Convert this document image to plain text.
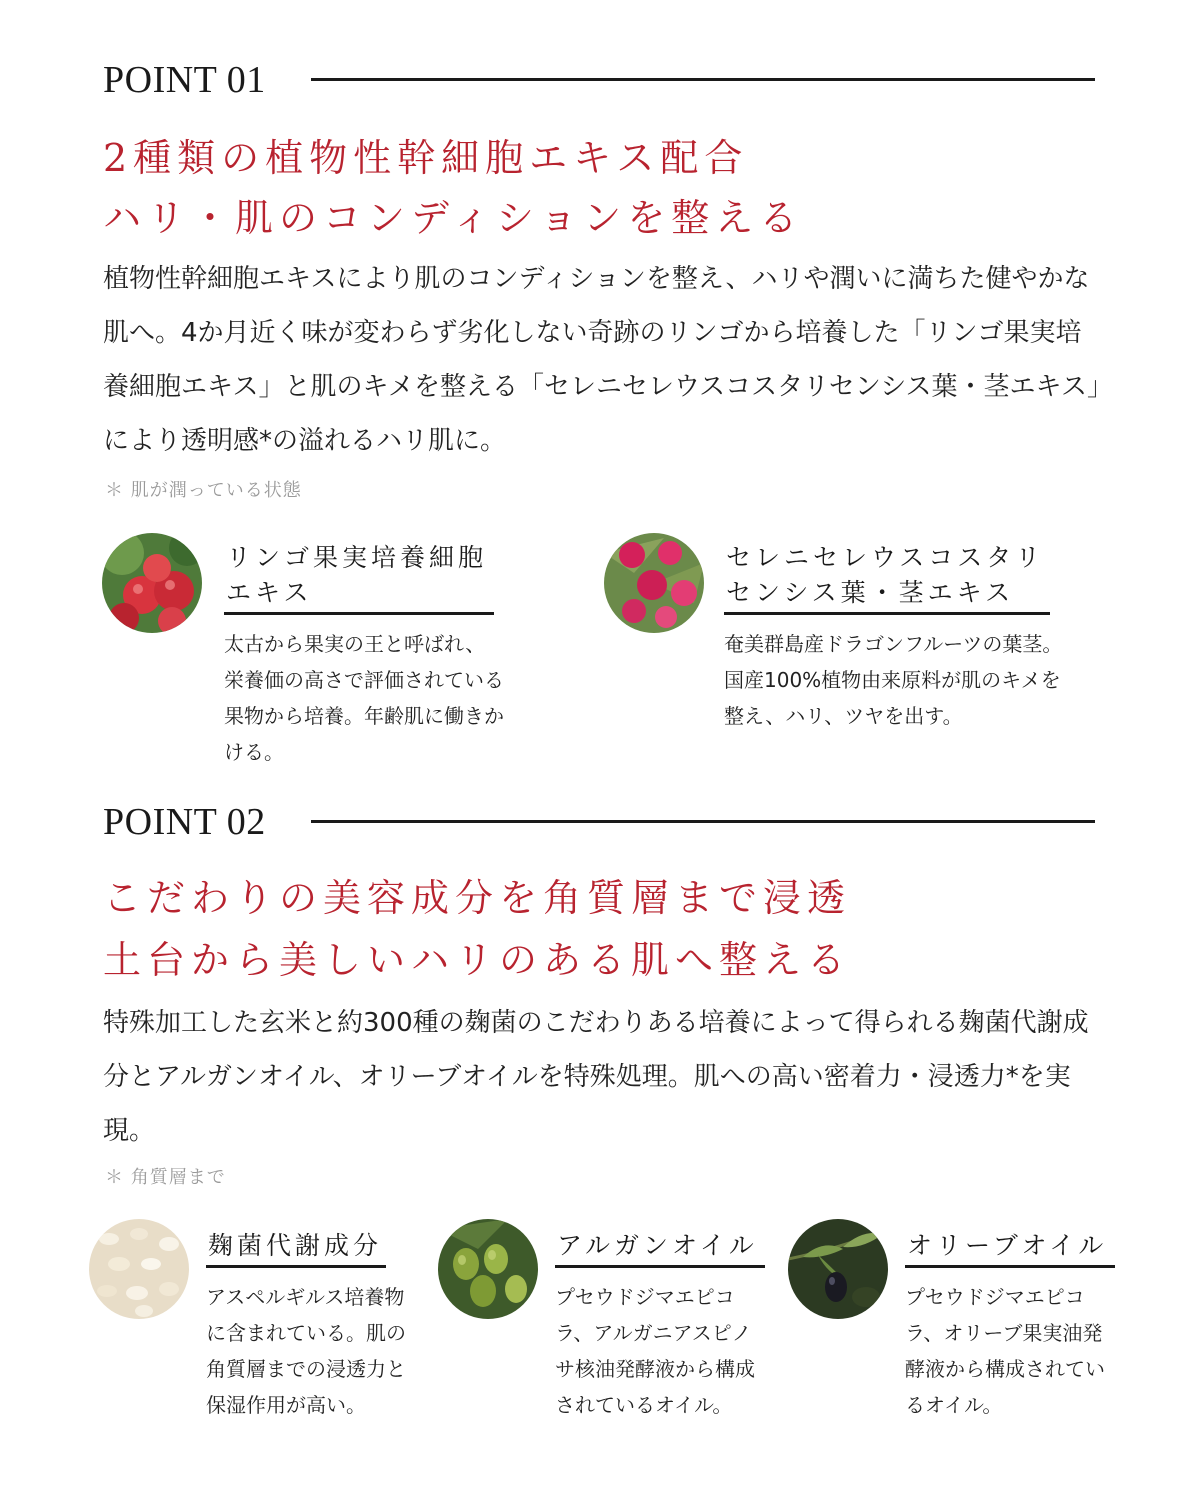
POINT 01
2種類の植物性幹細胞エキス配合
ハリ・肌のコンディションを整える
植物性幹細胞エキスにより肌のコンディションを整え、ハリや潤いに満ちた健やかな肌へ。4か月近く味が変わらず劣化しない奇跡のリンゴから培養した「リンゴ果実培養細胞エキス」と肌のキメを整える「セレニセレウスコスタリセンシス葉・茎エキス」により透明感*の溢れるハリ肌に。
＊ 肌が潤っている状態
リンゴ果実培養細胞
エキス
太古から果実の王と呼ばれ、栄養価の高さで評価されている果物から培養。年齢肌に働きかける。
セレニセレウスコスタリ
センシス葉・茎エキス
奄美群島産ドラゴンフルーツの葉茎。国産100%植物由来原料が肌のキメを整え、ハリ、ツヤを出す。
POINT 02
こだわりの美容成分を角質層まで浸透
土台から美しいハリのある肌へ整える
特殊加工した玄米と約300種の麹菌のこだわりある培養によって得られる麹菌代謝成分とアルガンオイル、オリーブオイルを特殊処理。肌への高い密着力・浸透力*を実現。
＊ 角質層まで
麹菌代謝成分
アスペルギルス培養物に含まれている。肌の角質層までの浸透力と保湿作用が高い。
アルガンオイル
プセウドジマエピコラ、アルガニアスピノサ核油発酵液から構成されているオイル。
オリーブオイル
プセウドジマエピコラ、オリーブ果実油発酵液から構成されているオイル。
